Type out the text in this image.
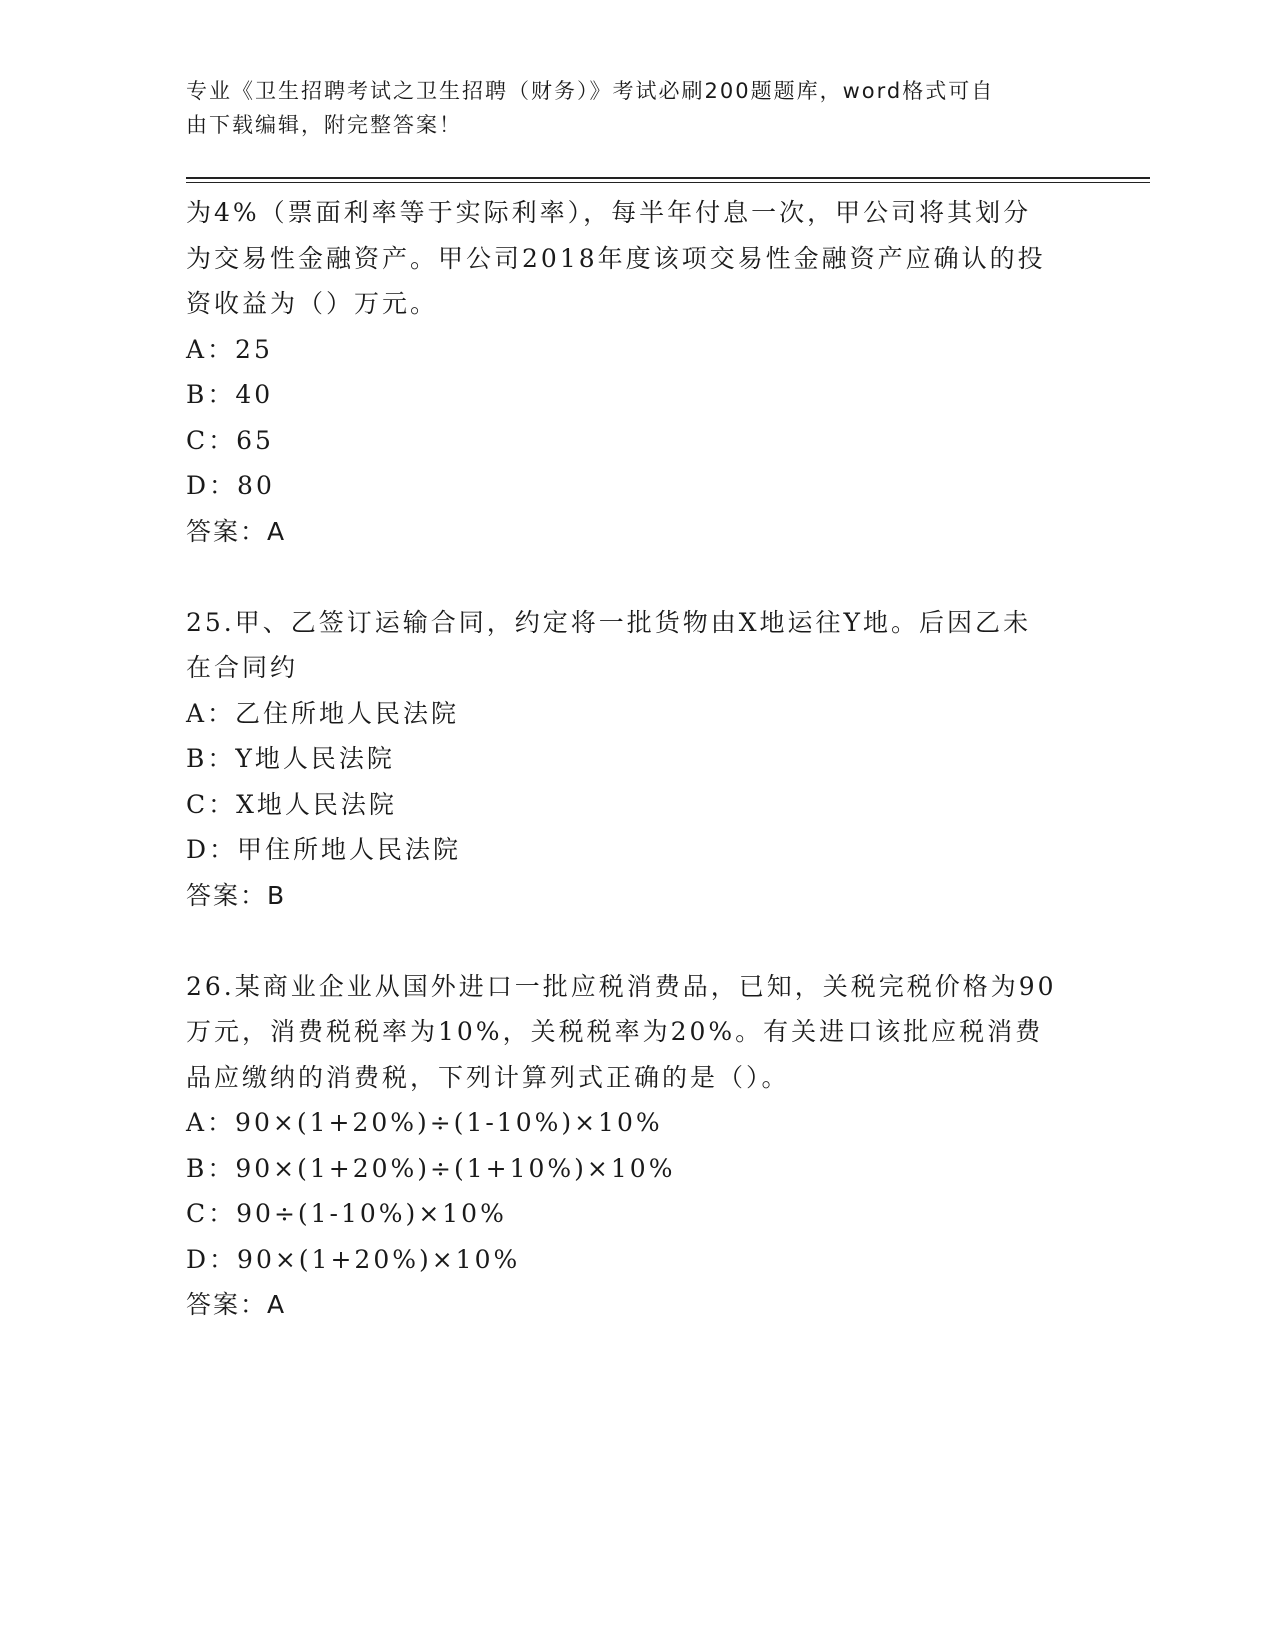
专业《卫生招聘考试之卫生招聘（财务）》考试必刷200题题库，word格式可自

由下载编辑，附完整答案！

为4%（票面利率等于实际利率），每半年付息一次，甲公司将其划分

为交易性金融资产。甲公司2018年度该项交易性金融资产应确认的投

资收益为（）万元。

A：25

B：40

C：65

D：80

答案：A

25.甲、乙签订运输合同，约定将一批货物由X地运往Y地。后因乙未

在合同约

A：乙住所地人民法院

B：Y地人民法院

C：X地人民法院

D：甲住所地人民法院

答案：B

26.某商业企业从国外进口一批应税消费品，已知，关税完税价格为90

万元，消费税税率为10%，关税税率为20%。有关进口该批应税消费

品应缴纳的消费税，下列计算列式正确的是（）。

A：90×(1+20%)÷(1-10%)×10%

B：90×(1+20%)÷(1+10%)×10%

C：90÷(1-10%)×10%

D：90×(1+20%)×10%

答案：A
